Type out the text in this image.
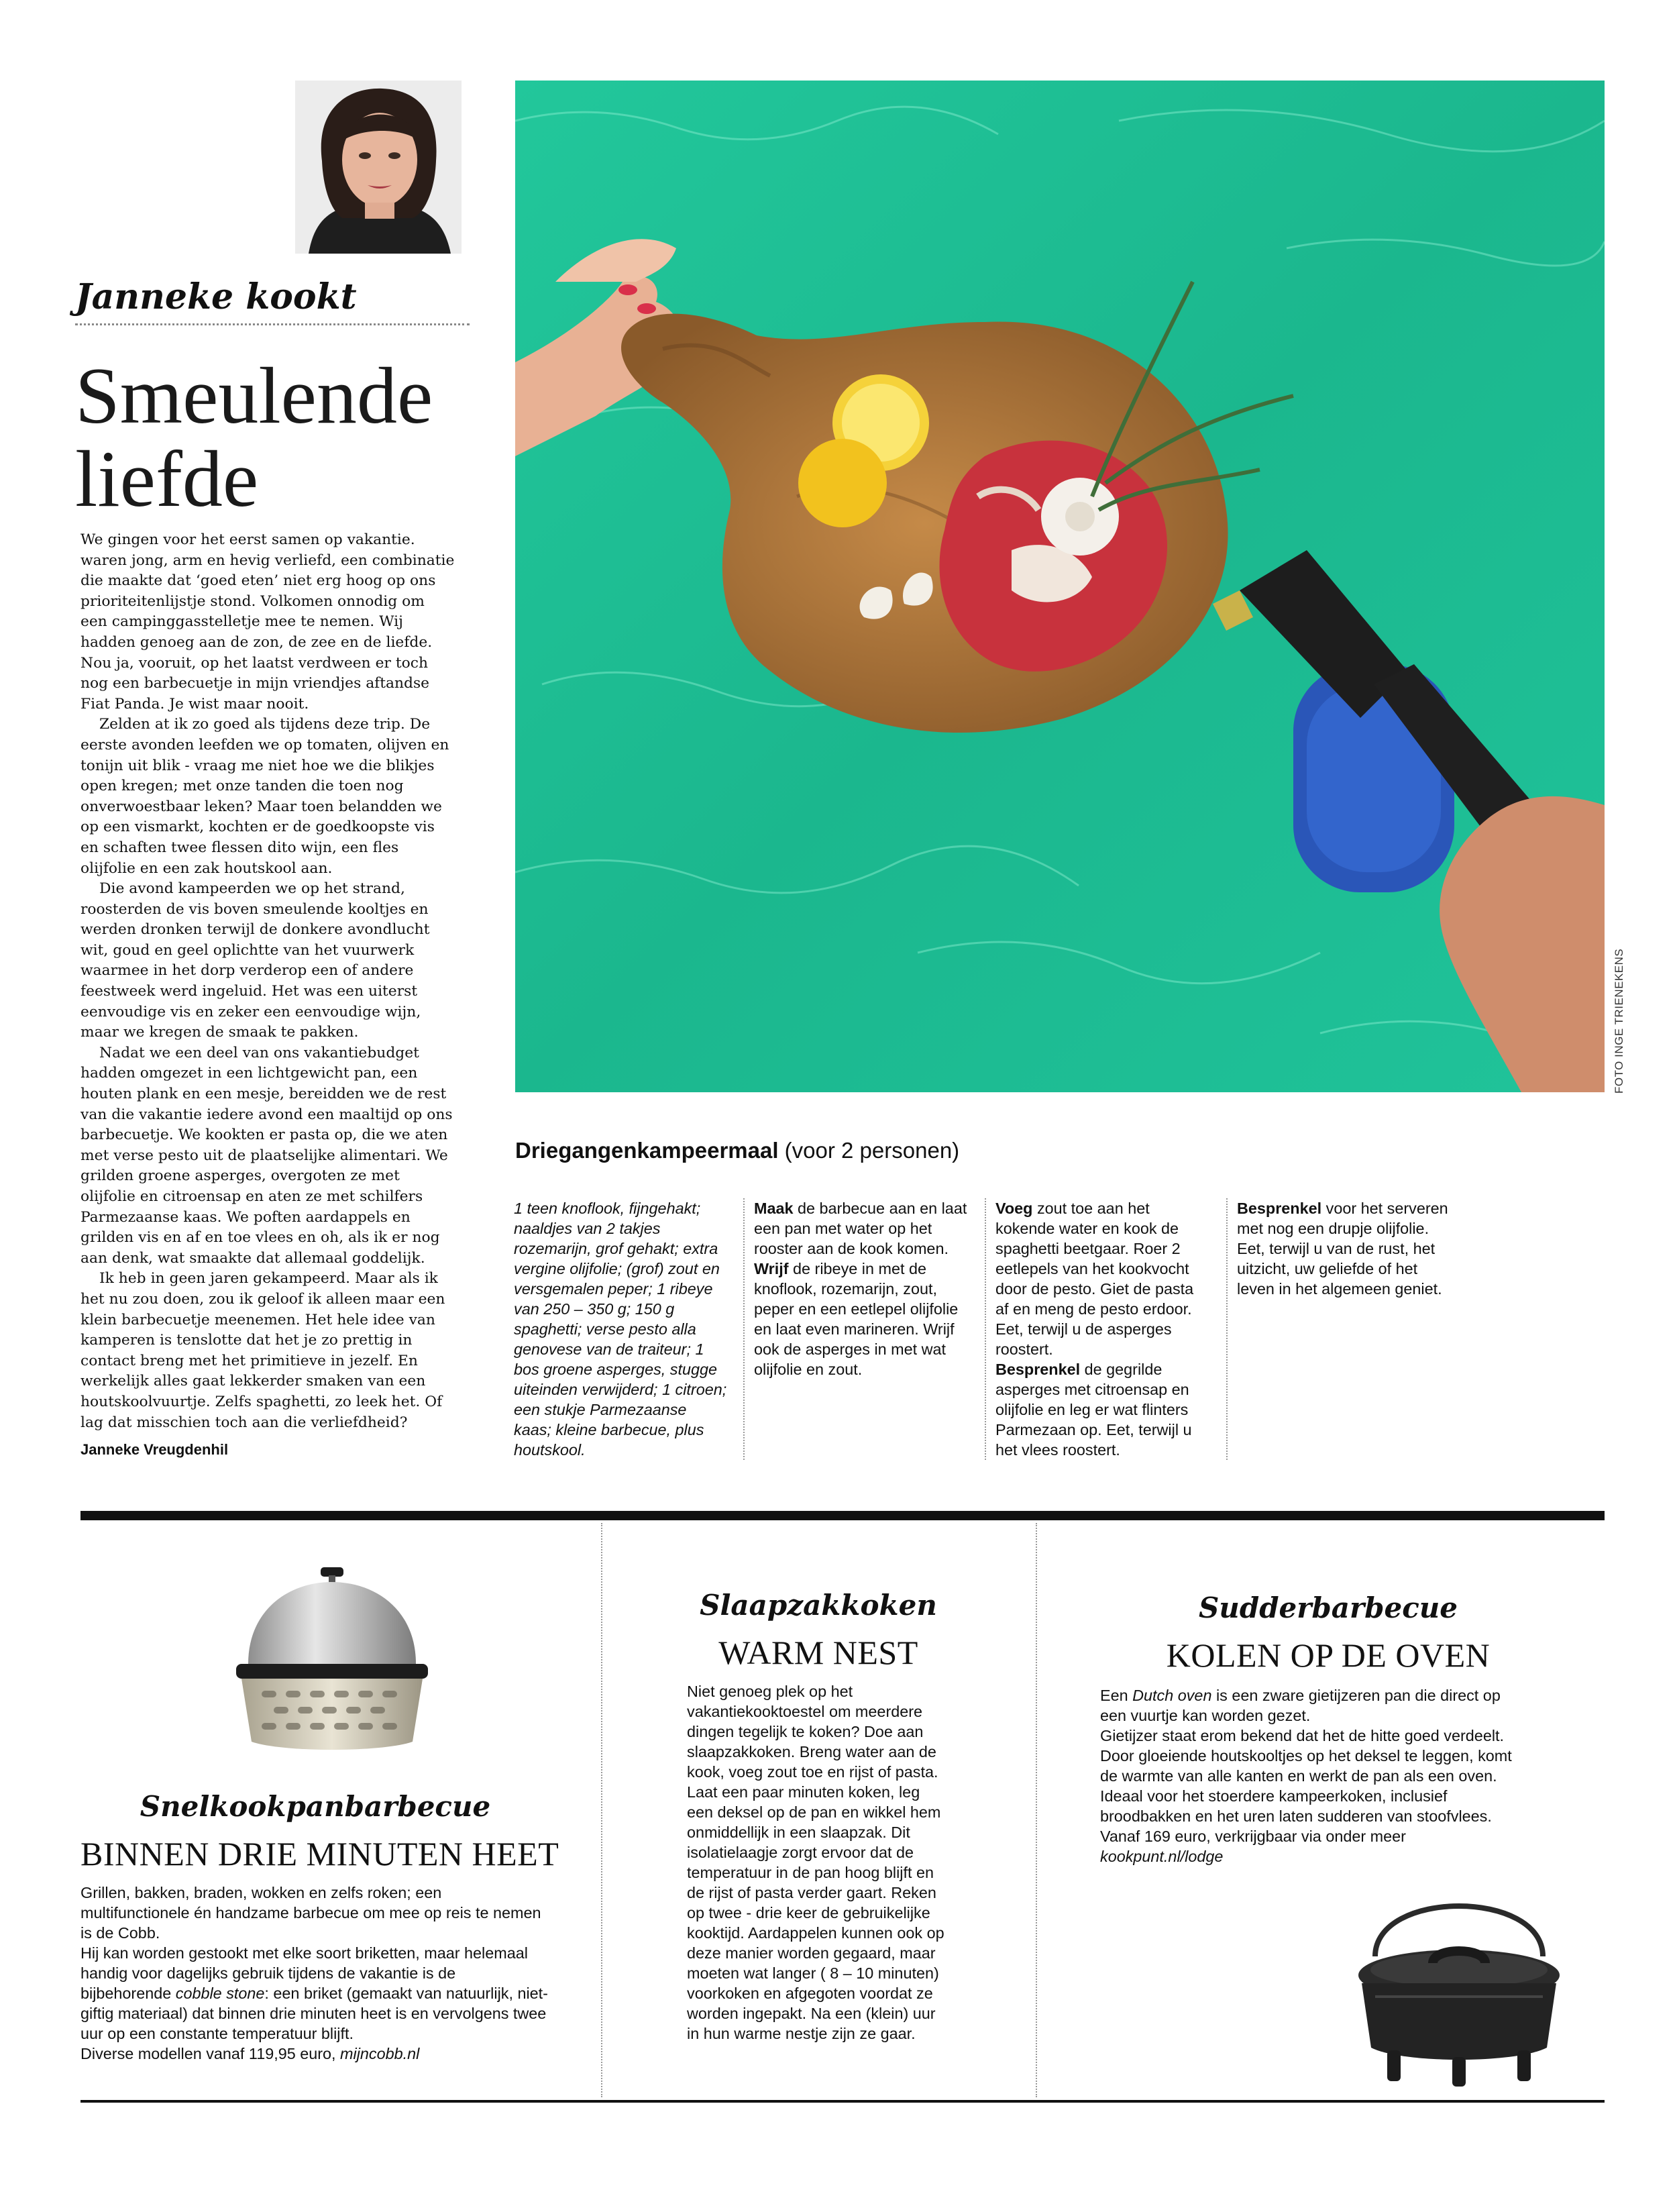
Janneke kookt
Smeulende liefde

We gingen voor het eerst samen op vakantie. waren jong, arm en hevig verliefd, een combinatie die maakte dat ‘goed eten’ niet erg hoog op ons prioriteitenlijstje stond. Volkomen onnodig om een campinggasstelletje mee te nemen. Wij hadden genoeg aan de zon, de zee en de liefde. Nou ja, vooruit, op het laatst verdween er toch nog een barbecuetje in mijn vriendjes aftandse Fiat Panda. Je wist maar nooit.

Zelden at ik zo goed als tijdens deze trip. De eerste avonden leefden we op tomaten, olijven en tonijn uit blik - vraag me niet hoe we die blikjes open kregen; met onze tanden die toen nog onverwoestbaar leken? Maar toen belandden we op een vismarkt, kochten er de goedkoopste vis en schaften twee flessen dito wijn, een fles olijfolie en een zak houtskool aan.

Die avond kampeerden we op het strand, roosterden de vis boven smeulende kooltjes en werden dronken terwijl de donkere avondlucht wit, goud en geel oplichtte van het vuurwerk waarmee in het dorp verderop een of andere feestweek werd ingeluid. Het was een uiterst eenvoudige vis en zeker een eenvoudige wijn, maar we kregen de smaak te pakken.

Nadat we een deel van ons vakantiebudget hadden omgezet in een lichtgewicht pan, een houten plank en een mesje, bereidden we de rest van die vakantie iedere avond een maaltijd op ons barbecuetje. We kookten er pasta op, die we aten met verse pesto uit de plaatselijke alimentari. We grilden groene asperges, overgoten ze met olijfolie en citroensap en aten ze met schilfers Parmezaanse kaas. We poften aardappels en grilden vis en af en toe vlees en oh, als ik er nog aan denk, wat smaakte dat allemaal goddelijk.

Ik heb in geen jaren gekampeerd. Maar als ik het nu zou doen, zou ik geloof ik alleen maar een klein barbecuetje meenemen. Het hele idee van kamperen is tenslotte dat het je zo prettig in contact breng met het primitieve in jezelf. En werkelijk alles gaat lekkerder smaken van een houtskoolvuurtje. Zelfs spaghetti, zo leek het. Of lag dat misschien toch aan die verliefdheid?

Janneke Vreugdenhil
FOTO INGE TRIENEKENS
Driegangenkampeermaal (voor 2 personen)
1 teen knoflook, fijngehakt; naaldjes van 2 takjes rozemarijn, grof gehakt; extra vergine olijfolie; (grof) zout en versgemalen peper; 1 ribeye van 250 – 350 g; 150 g spaghetti; verse pesto alla genovese van de traiteur; 1 bos groene asperges, stugge uiteinden verwijderd; 1 citroen; een stukje Parmezaanse kaas; kleine barbecue, plus houtskool.

Maak de barbecue aan en laat een pan met water op het rooster aan de kook komen.

Wrijf de ribeye in met de knoflook, rozemarijn, zout, peper en een eetlepel olijfolie en laat even marineren. Wrijf ook de asperges in met wat olijfolie en zout.

Voeg zout toe aan het kokende water en kook de spaghetti beetgaar. Roer 2 eetlepels van het kookvocht door de pesto. Giet de pasta af en meng de pesto erdoor. Eet, terwijl u de asperges roostert.

Besprenkel de gegrilde asperges met citroensap en olijfolie en leg er wat flinters Parmezaan op. Eet, terwijl u het vlees roostert.

Besprenkel voor het serveren met nog een drupje olijfolie. Eet, terwijl u van de rust, het uitzicht, uw geliefde of het leven in het algemeen geniet.

Snelkookpanbarbecue
BINNEN DRIE MINUTEN HEET

Grillen, bakken, braden, wokken en zelfs roken; een multifunctionele én handzame barbecue om mee op reis te nemen is de Cobb.

Hij kan worden gestookt met elke soort briketten, maar helemaal handig voor dagelijks gebruik tijdens de vakantie is de bijbehorende cobble stone: een briket (gemaakt van natuurlijk, niet-giftig materiaal) dat binnen drie minuten heet is en vervolgens twee uur op een constante temperatuur blijft.

Diverse modellen vanaf 119,95 euro, mijncobb.nl

Slaapzakkoken
WARM NEST
Niet genoeg plek op het vakantiekooktoestel om meerdere dingen tegelijk te koken? Doe aan slaapzakkoken. Breng water aan de kook, voeg zout toe en rijst of pasta. Laat een paar minuten koken, leg een deksel op de pan en wikkel hem onmiddellijk in een slaapzak. Dit isolatielaagje zorgt ervoor dat de temperatuur in de pan hoog blijft en de rijst of pasta verder gaart. Reken op twee - drie keer de gebruikelijke kooktijd. Aardappelen kunnen ook op deze manier worden gegaard, maar moeten wat langer ( 8 – 10 minuten) voorkoken en afgegoten voordat ze worden ingepakt. Na een (klein) uur in hun warme nestje zijn ze gaar.
Sudderbarbecue
KOLEN OP DE OVEN

Een Dutch oven is een zware gietijzeren pan die direct op een vuurtje kan worden gezet.

Gietijzer staat erom bekend dat het de hitte goed verdeelt. Door gloeiende houtskooltjes op het deksel te leggen, komt de warmte van alle kanten en werkt de pan als een oven.

Ideaal voor het stoerdere kampeerkoken, inclusief broodbakken en het uren laten sudderen van stoofvlees.

Vanaf 169 euro, verkrijgbaar via onder meer

kookpunt.nl/lodge
